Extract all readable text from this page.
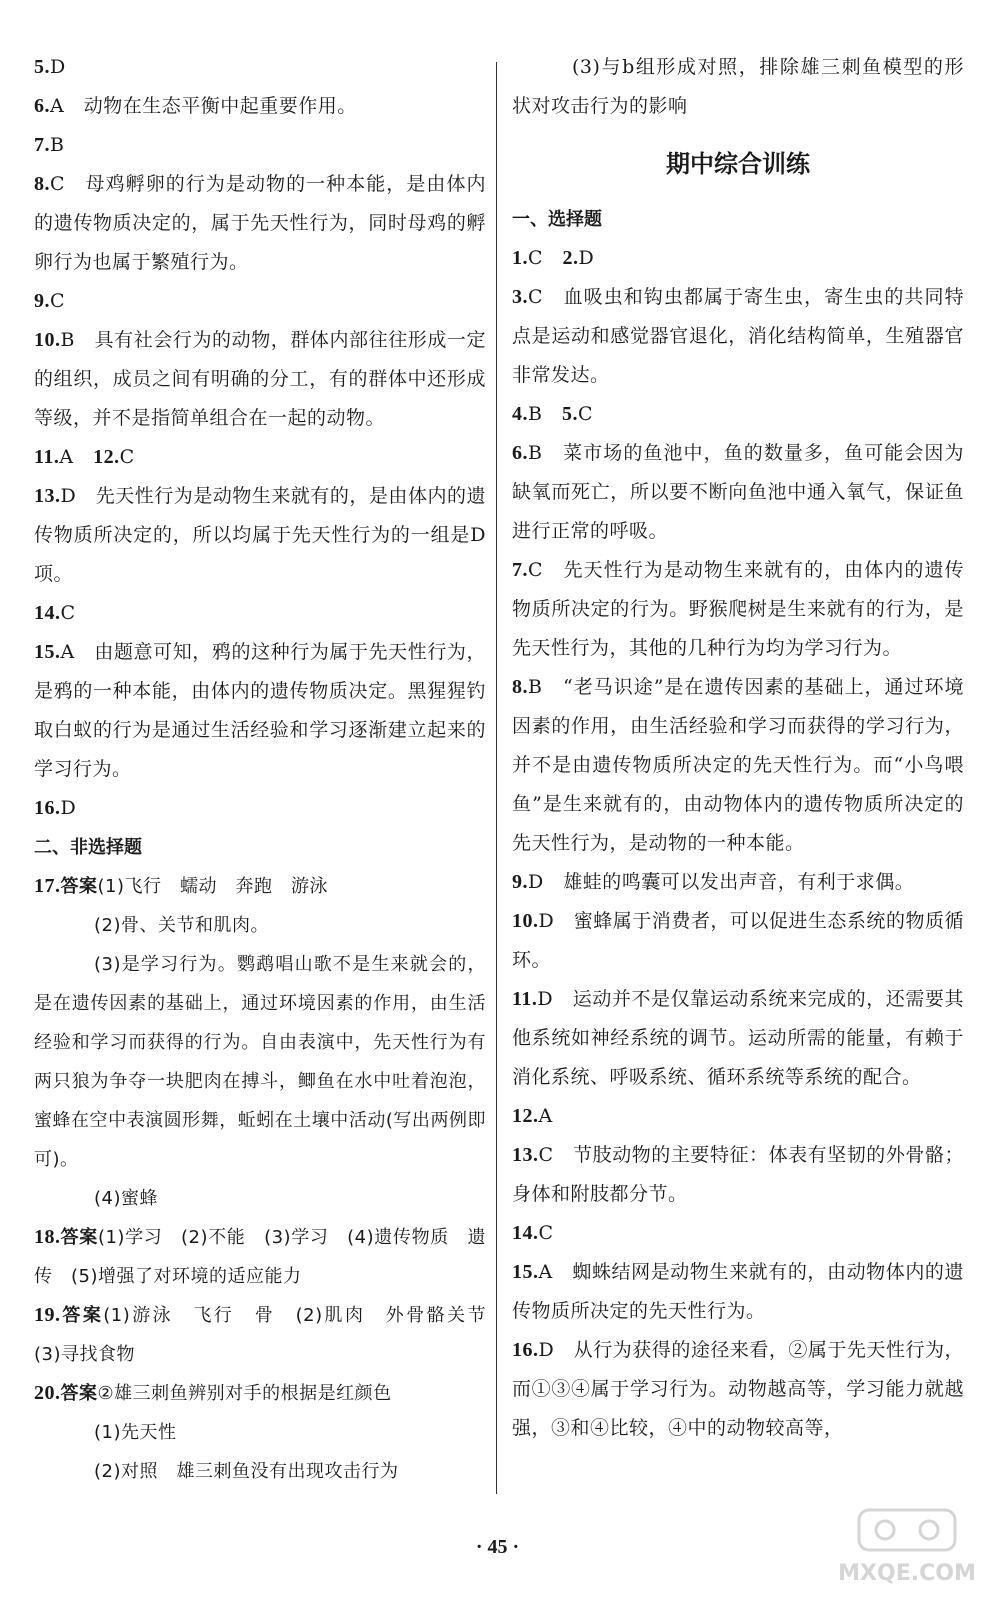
5.D

6.A　动物在生态平衡中起重要作用。

7.B

8.C　母鸡孵卵的行为是动物的一种本能，是由体内的遗传物质决定的，属于先天性行为，同时母鸡的孵卵行为也属于繁殖行为。

9.C

10.B　具有社会行为的动物，群体内部往往形成一定的组织，成员之间有明确的分工，有的群体中还形成等级，并不是指简单组合在一起的动物。

11.A　12.C

13.D　先天性行为是动物生来就有的，是由体内的遗传物质所决定的，所以均属于先天性行为的一组是D项。

14.C

15.A　由题意可知，鸦的这种行为属于先天性行为，是鸦的一种本能，由体内的遗传物质决定。黑猩猩钓取白蚁的行为是通过生活经验和学习逐渐建立起来的学习行为。

16.D

二、非选择题

17.答案(1)飞行　蠕动　奔跑　游泳

(2)骨、关节和肌肉。

(3)是学习行为。鹦鹉唱山歌不是生来就会的，是在遗传因素的基础上，通过环境因素的作用，由生活经验和学习而获得的行为。自由表演中，先天性行为有两只狼为争夺一块肥肉在搏斗，鲫鱼在水中吐着泡泡，蜜蜂在空中表演圆形舞，蚯蚓在土壤中活动(写出两例即可)。

(4)蜜蜂

18.答案(1)学习　(2)不能　(3)学习　(4)遗传物质　遗传　(5)增强了对环境的适应能力

19.答案(1)游泳　飞行　骨　(2)肌肉　外骨骼关节　(3)寻找食物

20.答案②雄三刺鱼辨别对手的根据是红颜色

(1)先天性

(2)对照　雄三刺鱼没有出现攻击行为

(3)与b组形成对照，排除雄三刺鱼模型的形状对攻击行为的影响

期中综合训练

一、选择题

1.C　2.D

3.C　血吸虫和钩虫都属于寄生虫，寄生虫的共同特点是运动和感觉器官退化，消化结构简单，生殖器官非常发达。

4.B　5.C

6.B　菜市场的鱼池中，鱼的数量多，鱼可能会因为缺氧而死亡，所以要不断向鱼池中通入氧气，保证鱼进行正常的呼吸。

7.C　先天性行为是动物生来就有的，由体内的遗传物质所决定的行为。野猴爬树是生来就有的行为，是先天性行为，其他的几种行为均为学习行为。

8.B　“老马识途”是在遗传因素的基础上，通过环境因素的作用，由生活经验和学习而获得的学习行为，并不是由遗传物质所决定的先天性行为。而“小鸟喂鱼”是生来就有的，由动物体内的遗传物质所决定的先天性行为，是动物的一种本能。

9.D　雄蛙的鸣囊可以发出声音，有利于求偶。

10.D　蜜蜂属于消费者，可以促进生态系统的物质循环。

11.D　运动并不是仅靠运动系统来完成的，还需要其他系统如神经系统的调节。运动所需的能量，有赖于消化系统、呼吸系统、循环系统等系统的配合。

12.A

13.C　节肢动物的主要特征：体表有坚韧的外骨骼；身体和附肢都分节。

14.C

15.A　蜘蛛结网是动物生来就有的，由动物体内的遗传物质所决定的先天性行为。

16.D　从行为获得的途径来看，②属于先天性行为，而①③④属于学习行为。动物越高等，学习能力就越强，③和④比较，④中的动物较高等，

· 45 ·
MXQE.COM
